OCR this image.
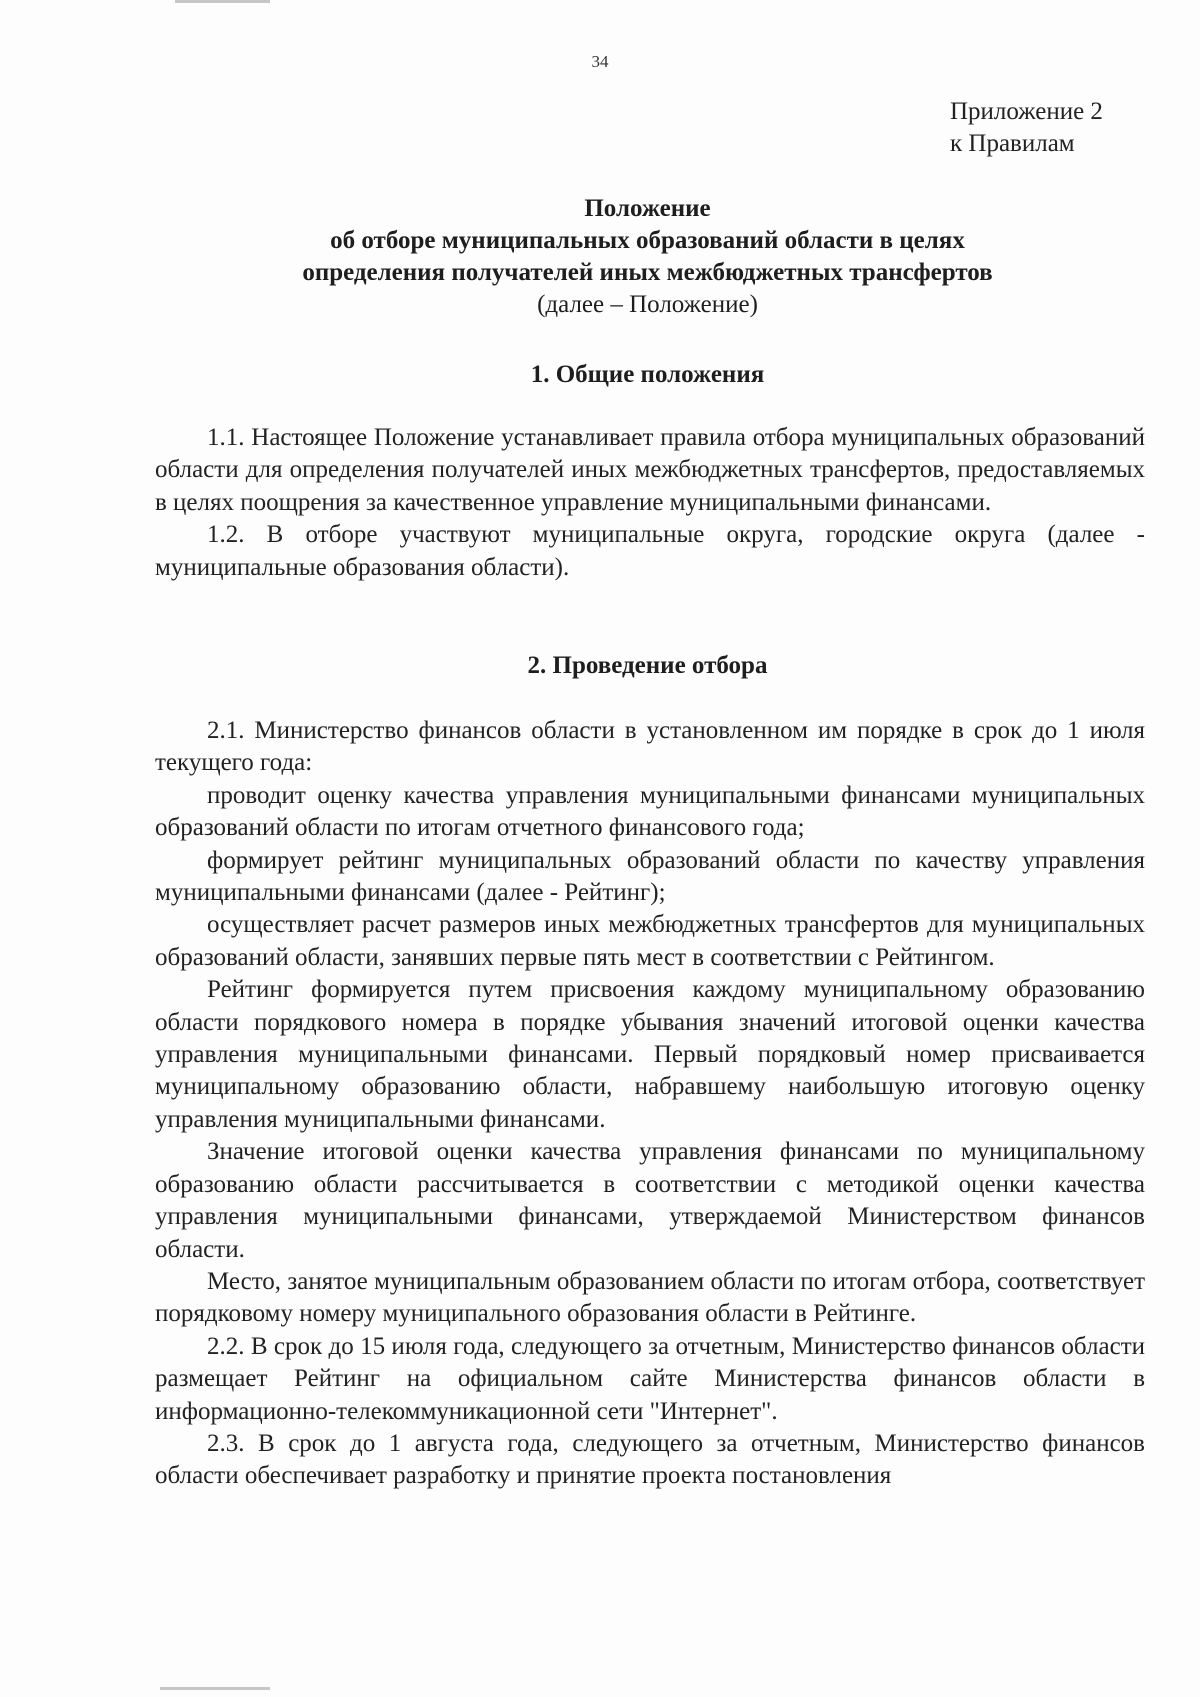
34
Приложение 2
к Правилам
Положение
об отборе муниципальных образований области в целях
определения получателей иных межбюджетных трансфертов
(далее – Положение)
1. Общие положения

1.1. Настоящее Положение устанавливает правила отбора муниципальных образований области для определения получателей иных межбюджетных трансфертов, предоставляемых в целях поощрения за качественное управление муниципальными финансами.

1.2. В отборе участвуют муниципальные округа, городские округа (далее - муниципальные образования области).

2. Проведение отбора

2.1. Министерство финансов области в установленном им порядке в срок до 1 июля текущего года:

проводит оценку качества управления муниципальными финансами муниципальных образований области по итогам отчетного финансового года;

формирует рейтинг муниципальных образований области по качеству управления муниципальными финансами (далее - Рейтинг);

осуществляет расчет размеров иных межбюджетных трансфертов для муниципальных образований области, занявших первые пять мест в соответствии с Рейтингом.

Рейтинг формируется путем присвоения каждому муниципальному образованию области порядкового номера в порядке убывания значений итоговой оценки качества управления муниципальными финансами. Первый порядковый номер присваивается муниципальному образованию области, набравшему наибольшую итоговую оценку управления муниципальными финансами.

Значение итоговой оценки качества управления финансами по муниципальному образованию области рассчитывается в соответствии с методикой оценки качества управления муниципальными финансами, утверждаемой Министерством финансов области.

Место, занятое муниципальным образованием области по итогам отбора, соответствует порядковому номеру муниципального образования области в Рейтинге.

2.2. В срок до 15 июля года, следующего за отчетным, Министерство финансов области размещает Рейтинг на официальном сайте Министерства финансов области в информационно-телекоммуникационной сети "Интернет".

2.3. В срок до 1 августа года, следующего за отчетным, Министерство финансов области обеспечивает разработку и принятие проекта постановления
